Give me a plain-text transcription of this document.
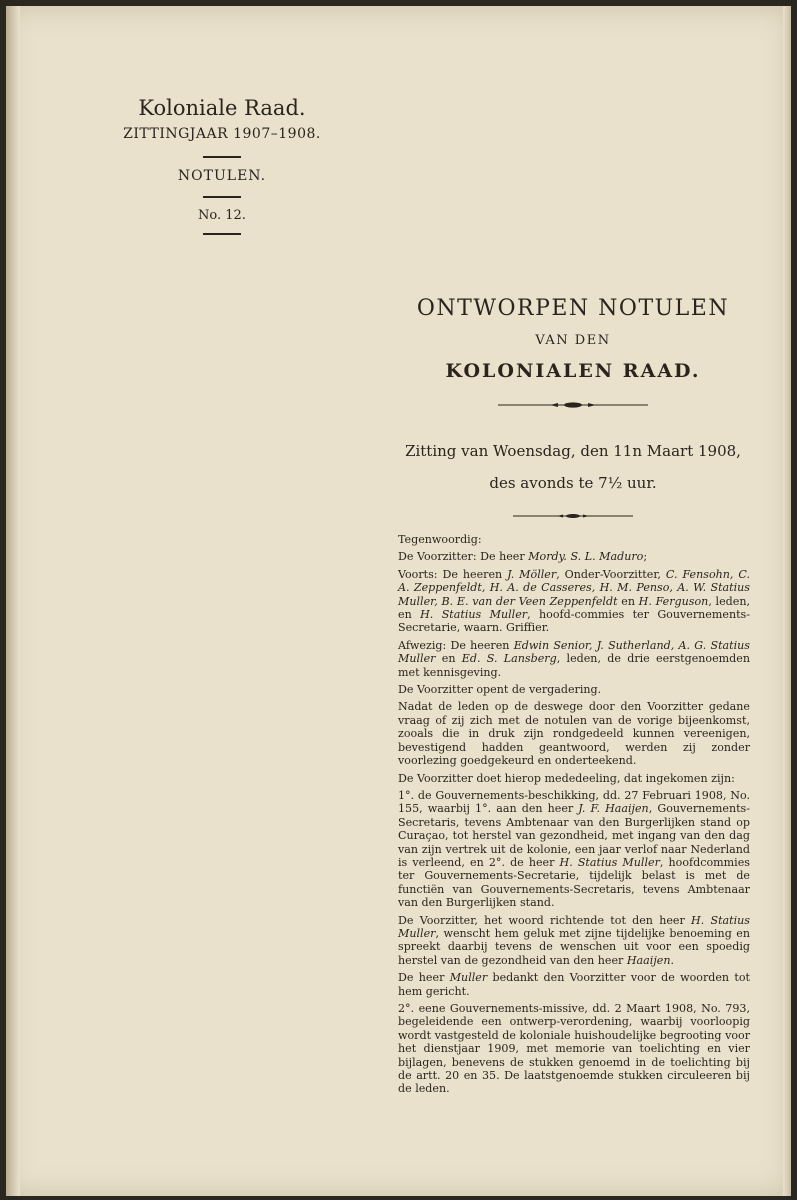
Koloniale Raad.

ZITTINGJAAR 1907–1908.

NOTULEN.

No. 12.

ONTWORPEN NOTULEN

VAN DEN

KOLONIALEN RAAD.

Zitting van Woensdag, den 11n Maart 1908,

des avonds te 7½ uur.

Tegenwoordig:

De Voorzitter: De heer Mordy. S. L. Maduro;

Voorts: De heeren J. Möller, Onder-Voorzitter, C. Fensohn, C. A. Zeppenfeldt, H. A. de Casseres, H. M. Penso, A. W. Statius Muller, B. E. van der Veen Zeppenfeldt en H. Ferguson, leden, en H. Statius Muller, hoofd-commies ter Gouvernements-Secretarie, waarn. Griffier.

Afwezig: De heeren Edwin Senior, J. Sutherland, A. G. Statius Muller en Ed. S. Lansberg, leden, de drie eerstgenoemden met kennisgeving.

De Voorzitter opent de vergadering.

Nadat de leden op de deswege door den Voorzitter gedane vraag of zij zich met de notulen van de vorige bijeenkomst, zooals die in druk zijn rondgedeeld kunnen vereenigen, bevestigend hadden geantwoord, werden zij zonder voorlezing goedgekeurd en onderteekend.

De Voorzitter doet hierop mededeeling, dat ingekomen zijn:

1°. de Gouvernements-beschikking, dd. 27 Februari 1908, No. 155, waarbij 1°. aan den heer J. F. Haaijen, Gouvernements-Secretaris, tevens Ambtenaar van den Burgerlijken stand op Curaçao, tot herstel van gezondheid, met ingang van den dag van zijn vertrek uit de kolonie, een jaar verlof naar Nederland is verleend, en 2°. de heer H. Statius Muller, hoofdcommies ter Gouvernements-Secretarie, tijdelijk belast is met de functiën van Gouvernements-Secretaris, tevens Ambtenaar van den Burgerlijken stand.

De Voorzitter, het woord richtende tot den heer H. Statius Muller, wenscht hem geluk met zijne tijdelijke benoeming en spreekt daarbij tevens de wenschen uit voor een spoedig herstel van de gezondheid van den heer Haaijen.

De heer Muller bedankt den Voorzitter voor de woorden tot hem gericht.

2°. eene Gouvernements-missive, dd. 2 Maart 1908, No. 793, begeleidende een ontwerp-verordening, waarbij voorloopig wordt vastgesteld de koloniale huishoudelijke begrooting voor het dienstjaar 1909, met memorie van toelichting en vier bijlagen, benevens de stukken genoemd in de toelichting bij de artt. 20 en 35. De laatstgenoemde stukken circuleeren bij de leden.
